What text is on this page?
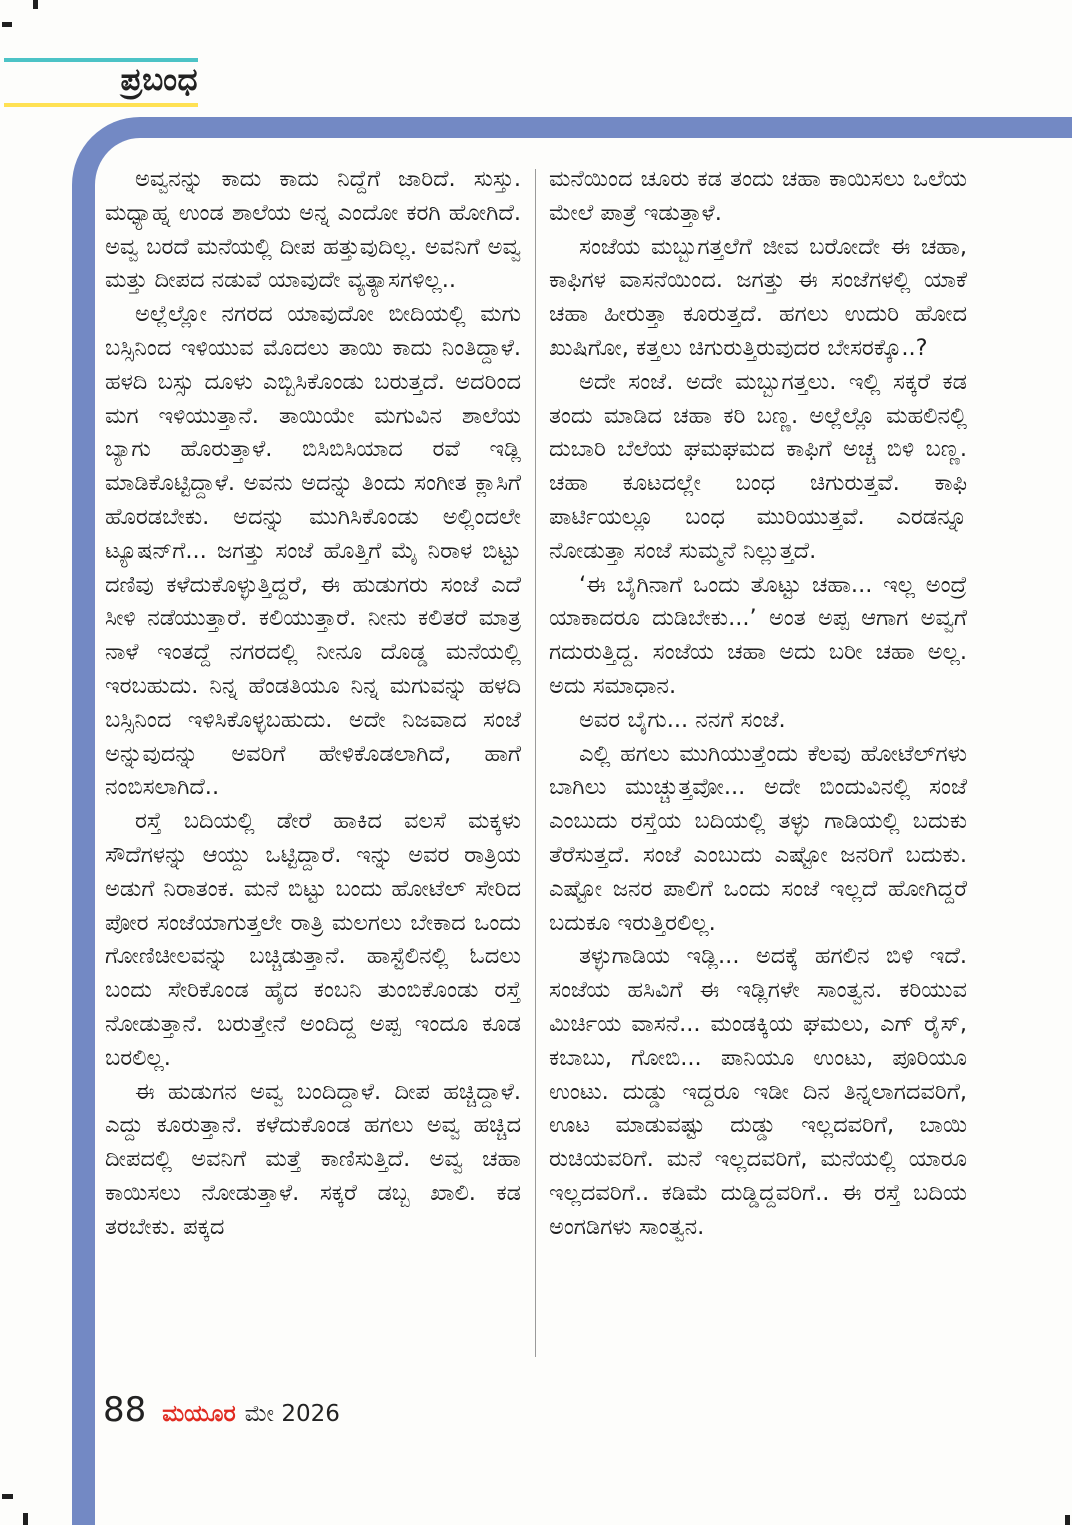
ಪ್ರಬಂಧ

ಅವ್ವನನ್ನು ಕಾದು ಕಾದು ನಿದ್ದೆಗೆ ಜಾರಿದೆ. ಸುಸ್ತು. ಮಧ್ಯಾಹ್ನ ಉಂಡ ಶಾಲೆಯ ಅನ್ನ ಎಂದೋ ಕರಗಿ ಹೋಗಿದೆ. ಅವ್ವ ಬರದೆ ಮನೆಯಲ್ಲಿ ದೀಪ ಹತ್ತುವುದಿಲ್ಲ. ಅವನಿಗೆ ಅವ್ವ ಮತ್ತು ದೀಪದ ನಡುವೆ ಯಾವುದೇ ವ್ಯತ್ಯಾಸಗಳಿಲ್ಲ..

ಅಲ್ಲೆಲ್ಲೋ ನಗರದ ಯಾವುದೋ ಬೀದಿಯಲ್ಲಿ ಮಗು ಬಸ್ಸಿನಿಂದ ಇಳಿಯುವ ಮೊದಲು ತಾಯಿ ಕಾದು ನಿಂತಿದ್ದಾಳೆ. ಹಳದಿ ಬಸ್ಸು ದೂಳು ಎಬ್ಬಿಸಿಕೊಂಡು ಬರುತ್ತದೆ. ಅದರಿಂದ ಮಗ ಇಳಿಯುತ್ತಾನೆ. ತಾಯಿಯೇ ಮಗುವಿನ ಶಾಲೆಯ ಬ್ಯಾಗು ಹೊರುತ್ತಾಳೆ. ಬಿಸಿಬಿಸಿಯಾದ ರವೆ ಇಡ್ಲಿ ಮಾಡಿಕೊಟ್ಟಿದ್ದಾಳೆ. ಅವನು ಅದನ್ನು ತಿಂದು ಸಂಗೀತ ಕ್ಲಾಸಿಗೆ ಹೊರಡಬೇಕು. ಅದನ್ನು ಮುಗಿಸಿಕೊಂಡು ಅಲ್ಲಿಂದಲೇ ಟ್ಯೂಷನ್‌ಗೆ... ಜಗತ್ತು ಸಂಜೆ ಹೊತ್ತಿಗೆ ಮೈ ನಿರಾಳ ಬಿಟ್ಟು ದಣಿವು ಕಳೆದುಕೊಳ್ಳುತ್ತಿದ್ದರೆ, ಈ ಹುಡುಗರು ಸಂಜೆ ಎದೆ ಸೀಳಿ ನಡೆಯುತ್ತಾರೆ. ಕಲಿಯುತ್ತಾರೆ. ನೀನು ಕಲಿತರೆ ಮಾತ್ರ ನಾಳೆ ಇಂತದ್ದೆ ನಗರದಲ್ಲಿ ನೀನೂ ದೊಡ್ಡ ಮನೆಯಲ್ಲಿ ಇರಬಹುದು. ನಿನ್ನ ಹೆಂಡತಿಯೂ ನಿನ್ನ ಮಗುವನ್ನು ಹಳದಿ ಬಸ್ಸಿನಿಂದ ಇಳಿಸಿಕೊಳ್ಳಬಹುದು. ಅದೇ ನಿಜವಾದ ಸಂಜೆ ಅನ್ನುವುದನ್ನು ಅವರಿಗೆ ಹೇಳಿಕೊಡಲಾಗಿದೆ, ಹಾಗೆ ನಂಬಿಸಲಾಗಿದೆ..

ರಸ್ತೆ ಬದಿಯಲ್ಲಿ ಡೇರೆ ಹಾಕಿದ ವಲಸೆ ಮಕ್ಕಳು ಸೌದೆಗಳನ್ನು ಆಯ್ದು ಒಟ್ಟಿದ್ದಾರೆ. ಇನ್ನು ಅವರ ರಾತ್ರಿಯ ಅಡುಗೆ ನಿರಾತಂಕ. ಮನೆ ಬಿಟ್ಟು ಬಂದು ಹೋಟೆಲ್ ಸೇರಿದ ಪೋರ ಸಂಜೆಯಾಗುತ್ತಲೇ ರಾತ್ರಿ ಮಲಗಲು ಬೇಕಾದ ಒಂದು ಗೋಣಿಚೀಲವನ್ನು ಬಚ್ಚಿಡುತ್ತಾನೆ. ಹಾಸ್ಟೆಲಿನಲ್ಲಿ ಓದಲು ಬಂದು ಸೇರಿಕೊಂಡ ಹೈದ ಕಂಬನಿ ತುಂಬಿಕೊಂಡು ರಸ್ತೆ ನೋಡುತ್ತಾನೆ. ಬರುತ್ತೇನೆ ಅಂದಿದ್ದ ಅಪ್ಪ ಇಂದೂ ಕೂಡ ಬರಲಿಲ್ಲ.

ಈ ಹುಡುಗನ ಅವ್ವ ಬಂದಿದ್ದಾಳೆ. ದೀಪ ಹಚ್ಚಿದ್ದಾಳೆ. ಎದ್ದು ಕೂರುತ್ತಾನೆ. ಕಳೆದುಕೊಂಡ ಹಗಲು ಅವ್ವ ಹಚ್ಚಿದ ದೀಪದಲ್ಲಿ ಅವನಿಗೆ ಮತ್ತೆ ಕಾಣಿಸುತ್ತಿದೆ. ಅವ್ವ ಚಹಾ ಕಾಯಿಸಲು ನೋಡುತ್ತಾಳೆ. ಸಕ್ಕರೆ ಡಬ್ಬ ಖಾಲಿ. ಕಡ ತರಬೇಕು. ಪಕ್ಕದ

ಮನೆಯಿಂದ ಚೂರು ಕಡ ತಂದು ಚಹಾ ಕಾಯಿಸಲು ಒಲೆಯ ಮೇಲೆ ಪಾತ್ರೆ ಇಡುತ್ತಾಳೆ.

ಸಂಜೆಯ ಮಬ್ಬುಗತ್ತಲೆಗೆ ಜೀವ ಬರೋದೇ ಈ ಚಹಾ, ಕಾಫಿಗಳ ವಾಸನೆಯಿಂದ. ಜಗತ್ತು ಈ ಸಂಜೆಗಳಲ್ಲಿ ಯಾಕೆ ಚಹಾ ಹೀರುತ್ತಾ ಕೂರುತ್ತದೆ. ಹಗಲು ಉದುರಿ ಹೋದ ಖುಷಿಗೋ, ಕತ್ತಲು ಚಿಗುರುತ್ತಿರುವುದರ ಬೇಸರಕ್ಕೊ..?

ಅದೇ ಸಂಜೆ. ಅದೇ ಮಬ್ಬುಗತ್ತಲು. ಇಲ್ಲಿ ಸಕ್ಕರೆ ಕಡ ತಂದು ಮಾಡಿದ ಚಹಾ ಕರಿ ಬಣ್ಣ. ಅಲ್ಲೆಲ್ಲೊ ಮಹಲಿನಲ್ಲಿ ದುಬಾರಿ ಬೆಲೆಯ ಘಮಘಮದ ಕಾಫಿಗೆ ಅಚ್ಚ ಬಿಳಿ ಬಣ್ಣ. ಚಹಾ ಕೂಟದಲ್ಲೇ ಬಂಧ ಚಿಗುರುತ್ತವೆ. ಕಾಫಿ ಪಾರ್ಟಿಯಲ್ಲೂ ಬಂಧ ಮುರಿಯುತ್ತವೆ. ಎರಡನ್ನೂ ನೋಡುತ್ತಾ ಸಂಜೆ ಸುಮ್ಮನೆ ನಿಲ್ಲುತ್ತದೆ.

‘ಈ ಬೈಗಿನಾಗೆ ಒಂದು ತೊಟ್ಟು ಚಹಾ... ಇಲ್ಲ ಅಂದ್ರೆ ಯಾಕಾದರೂ ದುಡಿಬೇಕು...’ ಅಂತ ಅಪ್ಪ ಆಗಾಗ ಅವ್ವಗೆ ಗದುರುತ್ತಿದ್ದ. ಸಂಜೆಯ ಚಹಾ ಅದು ಬರೀ ಚಹಾ ಅಲ್ಲ. ಅದು ಸಮಾಧಾನ.

ಅವರ ಬೈಗು... ನನಗೆ ಸಂಜೆ.

ಎಲ್ಲಿ ಹಗಲು ಮುಗಿಯುತ್ತೆಂದು ಕೆಲವು ಹೋಟೆಲ್‌ಗಳು ಬಾಗಿಲು ಮುಚ್ಚುತ್ತವೋ... ಅದೇ ಬಿಂದುವಿನಲ್ಲಿ ಸಂಜೆ ಎಂಬುದು ರಸ್ತೆಯ ಬದಿಯಲ್ಲಿ ತಳ್ಳು ಗಾಡಿಯಲ್ಲಿ ಬದುಕು ತೆರೆಸುತ್ತದೆ. ಸಂಜೆ ಎಂಬುದು ಎಷ್ಟೋ ಜನರಿಗೆ ಬದುಕು. ಎಷ್ಟೋ ಜನರ ಪಾಲಿಗೆ ಒಂದು ಸಂಜೆ ಇಲ್ಲದೆ ಹೋಗಿದ್ದರೆ ಬದುಕೂ ಇರುತ್ತಿರಲಿಲ್ಲ.

ತಳ್ಳುಗಾಡಿಯ ಇಡ್ಲಿ... ಅದಕ್ಕೆ ಹಗಲಿನ ಬಿಳಿ ಇದೆ. ಸಂಜೆಯ ಹಸಿವಿಗೆ ಈ ಇಡ್ಲಿಗಳೇ ಸಾಂತ್ವನ. ಕರಿಯುವ ಮಿರ್ಚಿಯ ವಾಸನೆ... ಮಂಡಕ್ಕಿಯ ಘಮಲು, ಎಗ್ ರೈಸ್, ಕಬಾಬು, ಗೋಬಿ... ಪಾನಿಯೂ ಉಂಟು, ಪೂರಿಯೂ ಉಂಟು. ದುಡ್ಡು ಇದ್ದರೂ ಇಡೀ ದಿನ ತಿನ್ನಲಾಗದವರಿಗೆ, ಊಟ ಮಾಡುವಷ್ಟು ದುಡ್ಡು ಇಲ್ಲದವರಿಗೆ, ಬಾಯಿ ರುಚಿಯವರಿಗೆ. ಮನೆ ಇಲ್ಲದವರಿಗೆ, ಮನೆಯಲ್ಲಿ ಯಾರೂ ಇಲ್ಲದವರಿಗೆ.. ಕಡಿಮೆ ದುಡ್ಡಿದ್ದವರಿಗೆ.. ಈ ರಸ್ತೆ ಬದಿಯ ಅಂಗಡಿಗಳು ಸಾಂತ್ವನ.

88 ಮಯೂರ ಮೇ 2026
